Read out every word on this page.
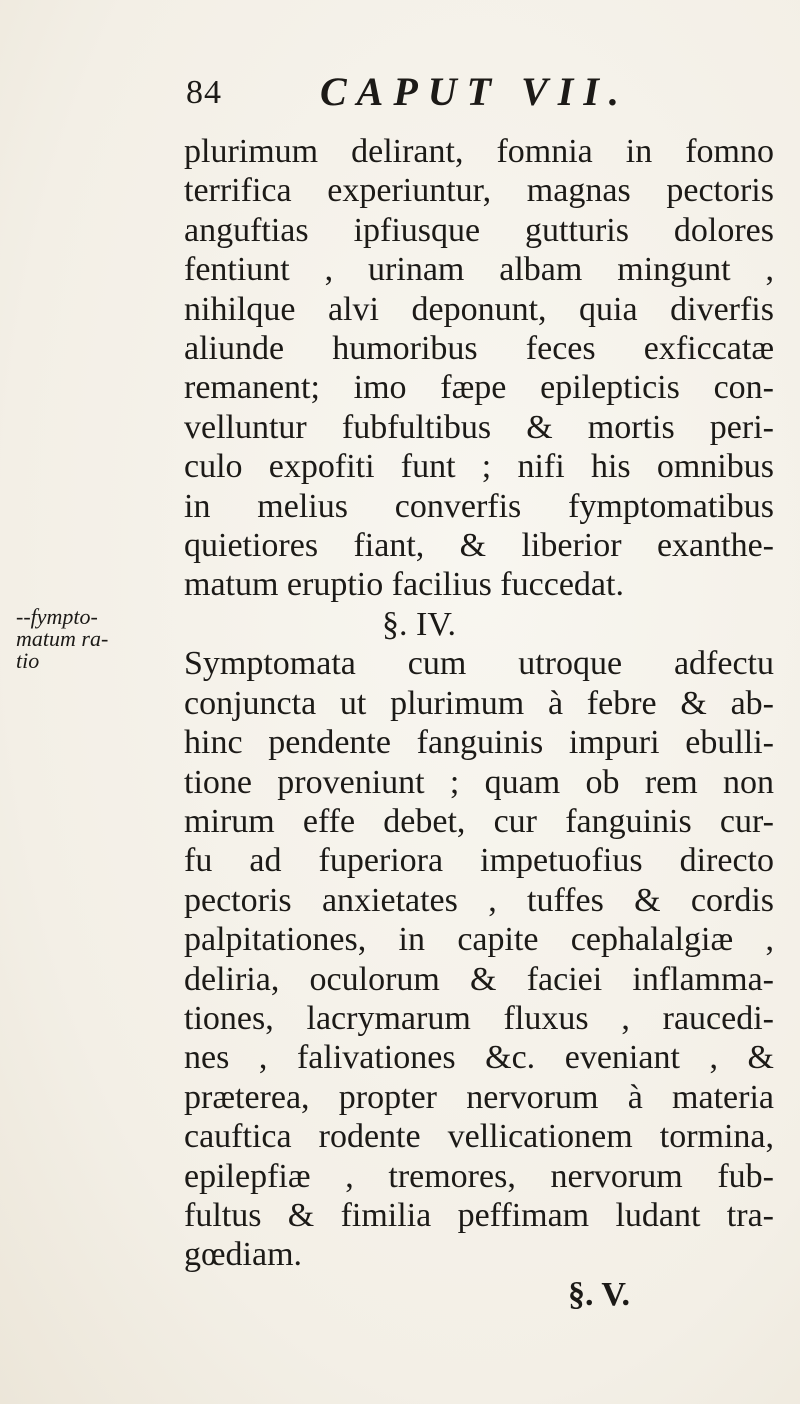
84 CAPUT VII.
--fympto-
matum ra-
tio
plurimum delirant, fomnia in fomno
terrifica experiuntur, magnas pectoris
anguftias ipfiusque gutturis dolores
fentiunt , urinam albam mingunt ,
nihilque alvi deponunt, quia diverfis
aliunde humoribus feces exficcatæ
remanent; imo fæpe epilepticis con-
velluntur fubfultibus & mortis peri-
culo expofiti funt ; nifi his omnibus
in melius converfis fymptomatibus
quietiores fiant, & liberior exanthe-
matum eruptio facilius fuccedat.
§. IV.
Symptomata cum utroque adfectu
conjuncta ut plurimum à febre & ab-
hinc pendente fanguinis impuri ebulli-
tione proveniunt ; quam ob rem non
mirum effe debet, cur fanguinis cur-
fu ad fuperiora impetuofius directo
pectoris anxietates , tuffes & cordis
palpitationes, in capite cephalalgiæ ,
deliria, oculorum & faciei inflamma-
tiones, lacrymarum fluxus , raucedi-
nes , falivationes &c. eveniant , &
præterea, propter nervorum à materia
cauftica rodente vellicationem tormina,
epilepfiæ , tremores, nervorum fub-
fultus & fimilia peffimam ludant tra-
gœdiam.
§. V.
